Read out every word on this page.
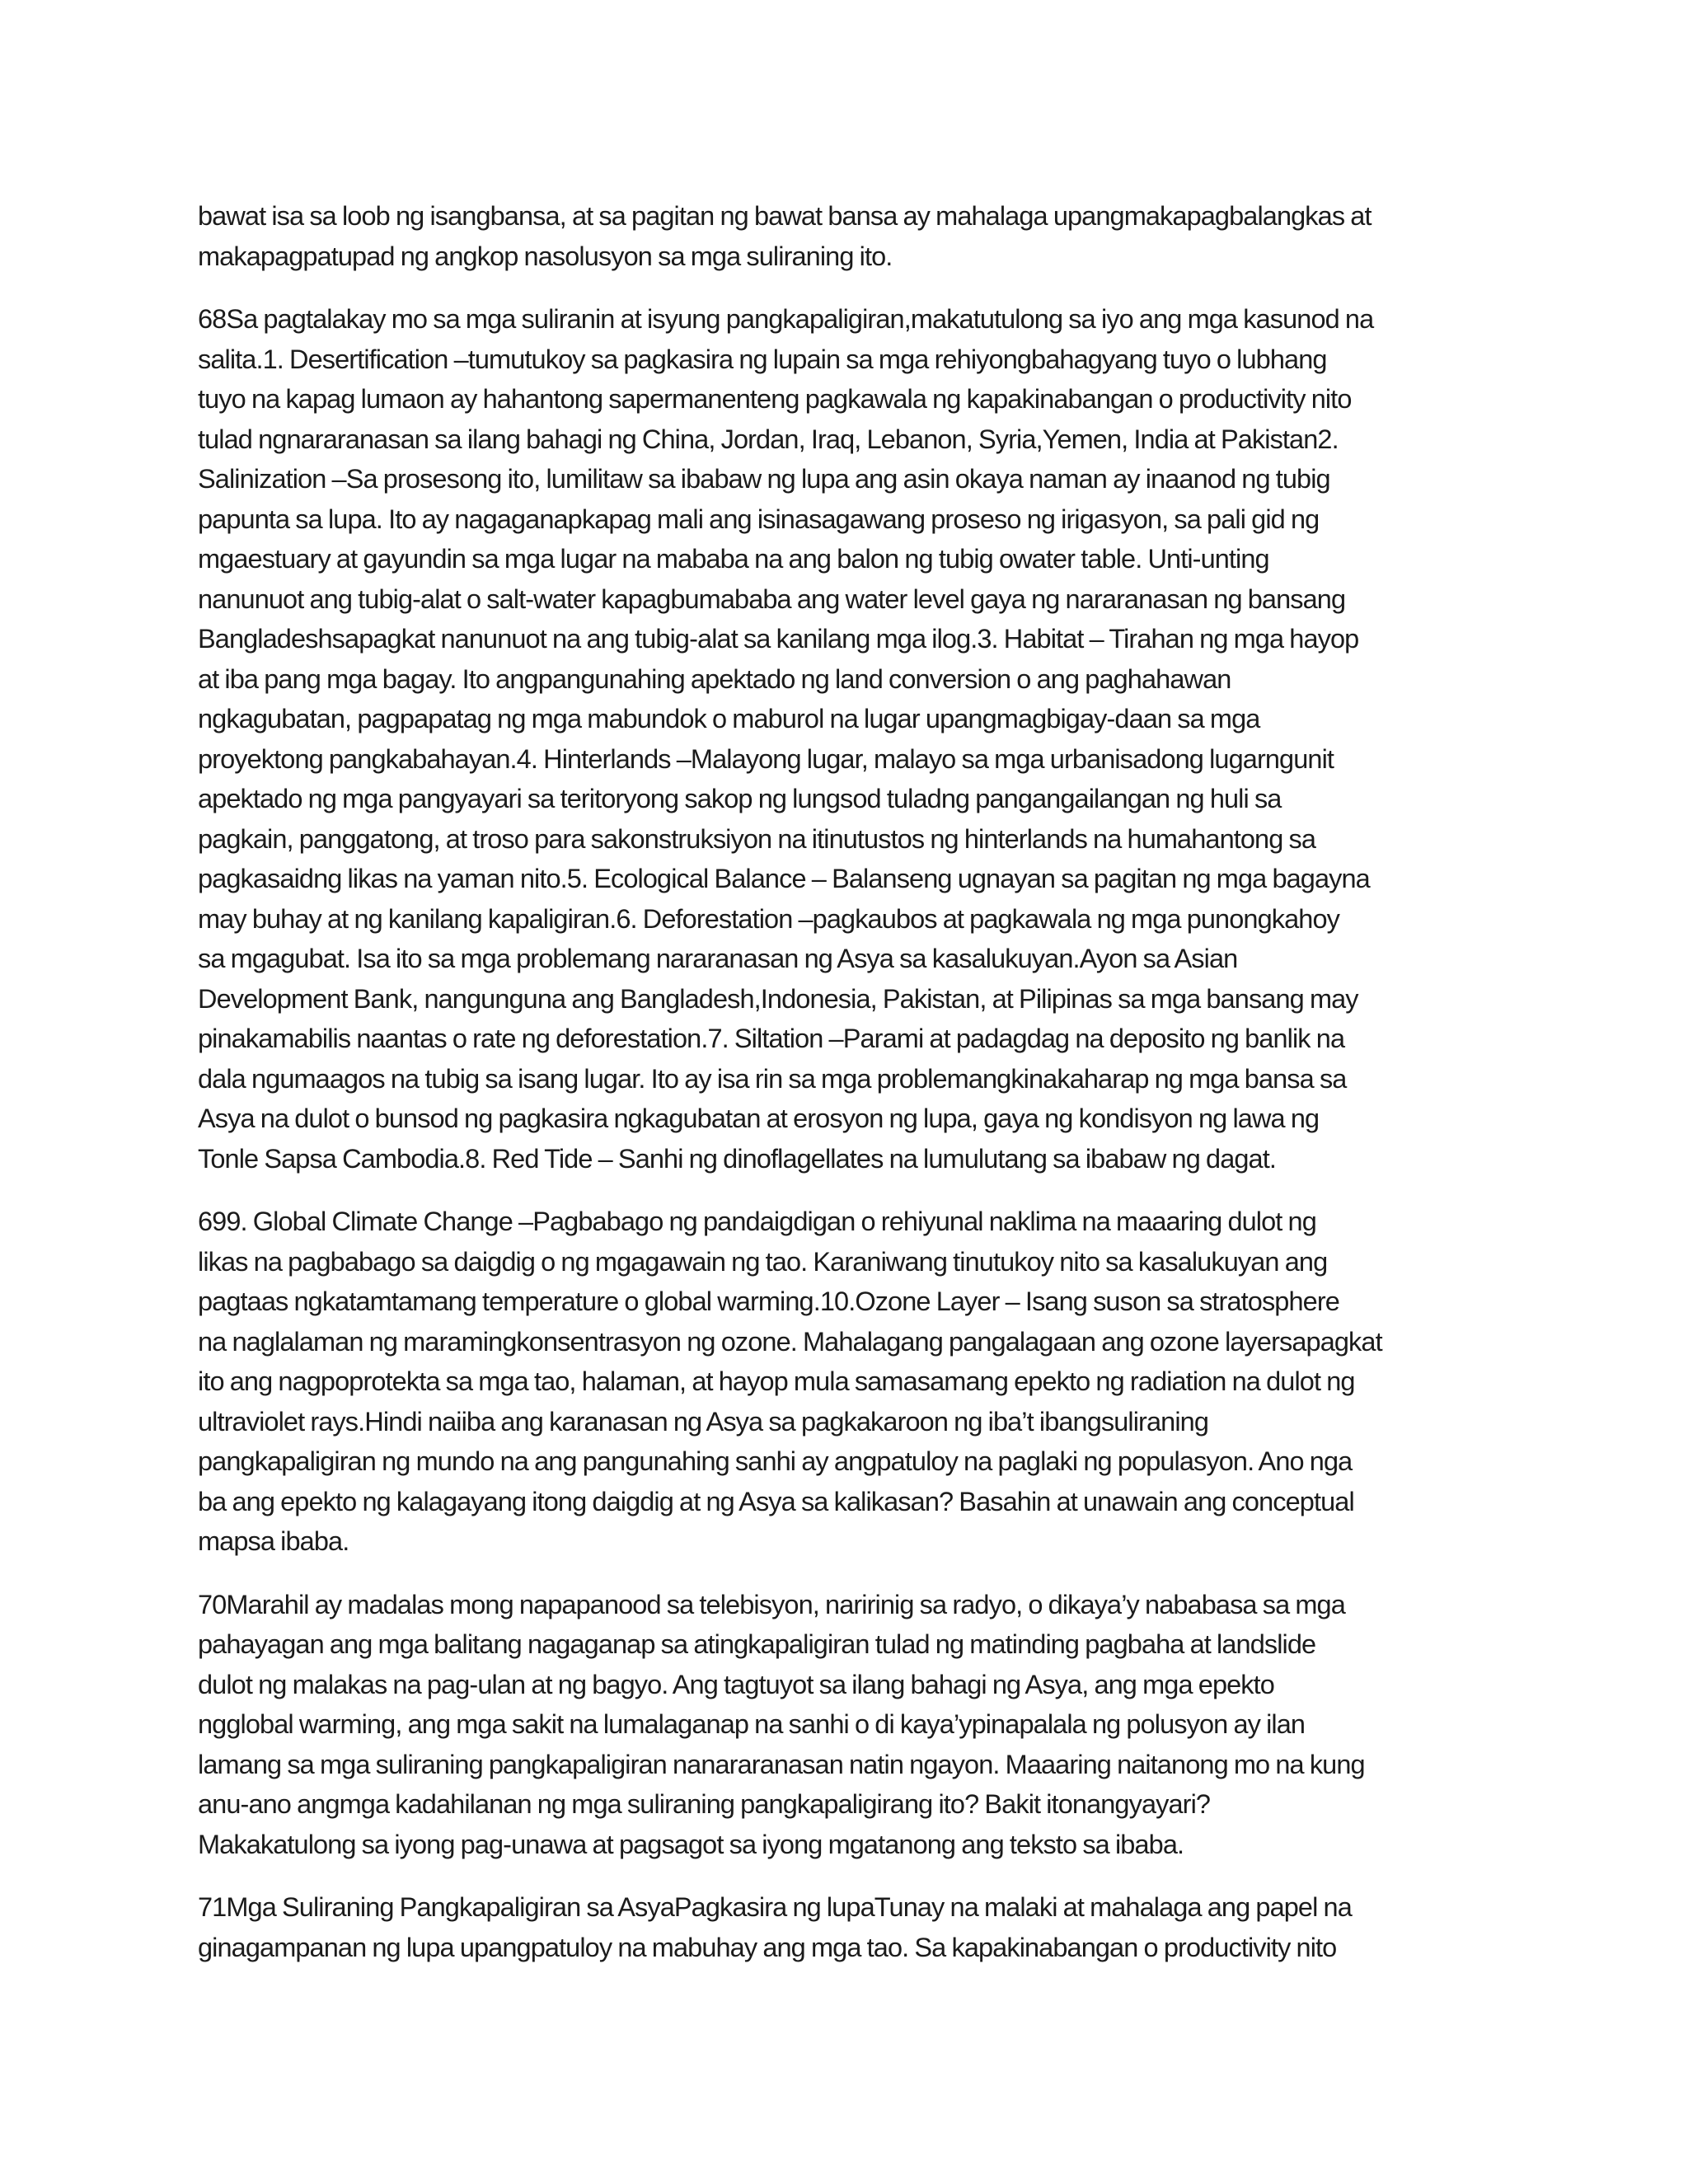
bawat isa sa loob ng isangbansa, at sa pagitan ng bawat bansa ay mahalaga upangmakapagbalangkas at
makapagpatupad ng angkop nasolusyon sa mga suliraning ito.

68Sa pagtalakay mo sa mga suliranin at isyung pangkapaligiran,makatutulong sa iyo ang mga kasunod na
salita.1. Desertification –tumutukoy sa pagkasira ng lupain sa mga rehiyongbahagyang tuyo o lubhang
tuyo na kapag lumaon ay hahantong sapermanenteng pagkawala ng kapakinabangan o productivity nito
tulad ngnararanasan sa ilang bahagi ng China, Jordan, Iraq, Lebanon, Syria,Yemen, India at Pakistan2.
Salinization –Sa prosesong ito, lumilitaw sa ibabaw ng lupa ang asin okaya naman ay inaanod ng tubig
papunta sa lupa. Ito ay nagaganapkapag mali ang isinasagawang proseso ng irigasyon, sa pali gid ng
mgaestuary at gayundin sa mga lugar na mababa na ang balon ng tubig owater table. Unti-unting
nanunuot ang tubig-alat o salt-water kapagbumababa ang water level gaya ng nararanasan ng bansang
Bangladeshsapagkat nanunuot na ang tubig-alat sa kanilang mga ilog.3. Habitat – Tirahan ng mga hayop
at iba pang mga bagay. Ito angpangunahing apektado ng land conversion o ang paghahawan
ngkagubatan, pagpapatag ng mga mabundok o maburol na lugar upangmagbigay-daan sa mga
proyektong pangkabahayan.4. Hinterlands –Malayong lugar, malayo sa mga urbanisadong lugarngunit
apektado ng mga pangyayari sa teritoryong sakop ng lungsod tuladng pangangailangan ng huli sa
pagkain, panggatong, at troso para sakonstruksiyon na itinutustos ng hinterlands na humahantong sa
pagkasaidng likas na yaman nito.5. Ecological Balance – Balanseng ugnayan sa pagitan ng mga bagayna
may buhay at ng kanilang kapaligiran.6. Deforestation –pagkaubos at pagkawala ng mga punongkahoy
sa mgagubat. Isa ito sa mga problemang nararanasan ng Asya sa kasalukuyan.Ayon sa Asian
Development Bank, nangunguna ang Bangladesh,Indonesia, Pakistan, at Pilipinas sa mga bansang may
pinakamabilis naantas o rate ng deforestation.7. Siltation –Parami at padagdag na deposito ng banlik na
dala ngumaagos na tubig sa isang lugar. Ito ay isa rin sa mga problemangkinakaharap ng mga bansa sa
Asya na dulot o bunsod ng pagkasira ngkagubatan at erosyon ng lupa, gaya ng kondisyon ng lawa ng
Tonle Sapsa Cambodia.8. Red Tide – Sanhi ng dinoflagellates na lumulutang sa ibabaw ng dagat.

699. Global Climate Change –Pagbabago ng pandaigdigan o rehiyunal naklima na maaaring dulot ng
likas na pagbabago sa daigdig o ng mgagawain ng tao. Karaniwang tinutukoy nito sa kasalukuyan ang
pagtaas ngkatamtamang temperature o global warming.10.Ozone Layer – Isang suson sa stratosphere
na naglalaman ng maramingkonsentrasyon ng ozone. Mahalagang pangalagaan ang ozone layersapagkat
ito ang nagpoprotekta sa mga tao, halaman, at hayop mula samasamang epekto ng radiation na dulot ng
ultraviolet rays.Hindi naiiba ang karanasan ng Asya sa pagkakaroon ng iba’t ibangsuliraning
pangkapaligiran ng mundo na ang pangunahing sanhi ay angpatuloy na paglaki ng populasyon. Ano nga
ba ang epekto ng kalagayang itong daigdig at ng Asya sa kalikasan? Basahin at unawain ang conceptual
mapsa ibaba.

70Marahil ay madalas mong napapanood sa telebisyon, naririnig sa radyo, o dikaya’y nababasa sa mga
pahayagan ang mga balitang nagaganap sa atingkapaligiran tulad ng matinding pagbaha at landslide
dulot ng malakas na pag-ulan at ng bagyo. Ang tagtuyot sa ilang bahagi ng Asya, ang mga epekto
ngglobal warming, ang mga sakit na lumalaganap na sanhi o di kaya’ypinapalala ng polusyon ay ilan
lamang sa mga suliraning pangkapaligiran nanararanasan natin ngayon. Maaaring naitanong mo na kung
anu-ano angmga kadahilanan ng mga suliraning pangkapaligirang ito? Bakit itonangyayari?
Makakatulong sa iyong pag-unawa at pagsagot sa iyong mgatanong ang teksto sa ibaba.

71Mga Suliraning Pangkapaligiran sa AsyaPagkasira ng lupaTunay na malaki at mahalaga ang papel na
ginagampanan ng lupa upangpatuloy na mabuhay ang mga tao. Sa kapakinabangan o productivity nito
